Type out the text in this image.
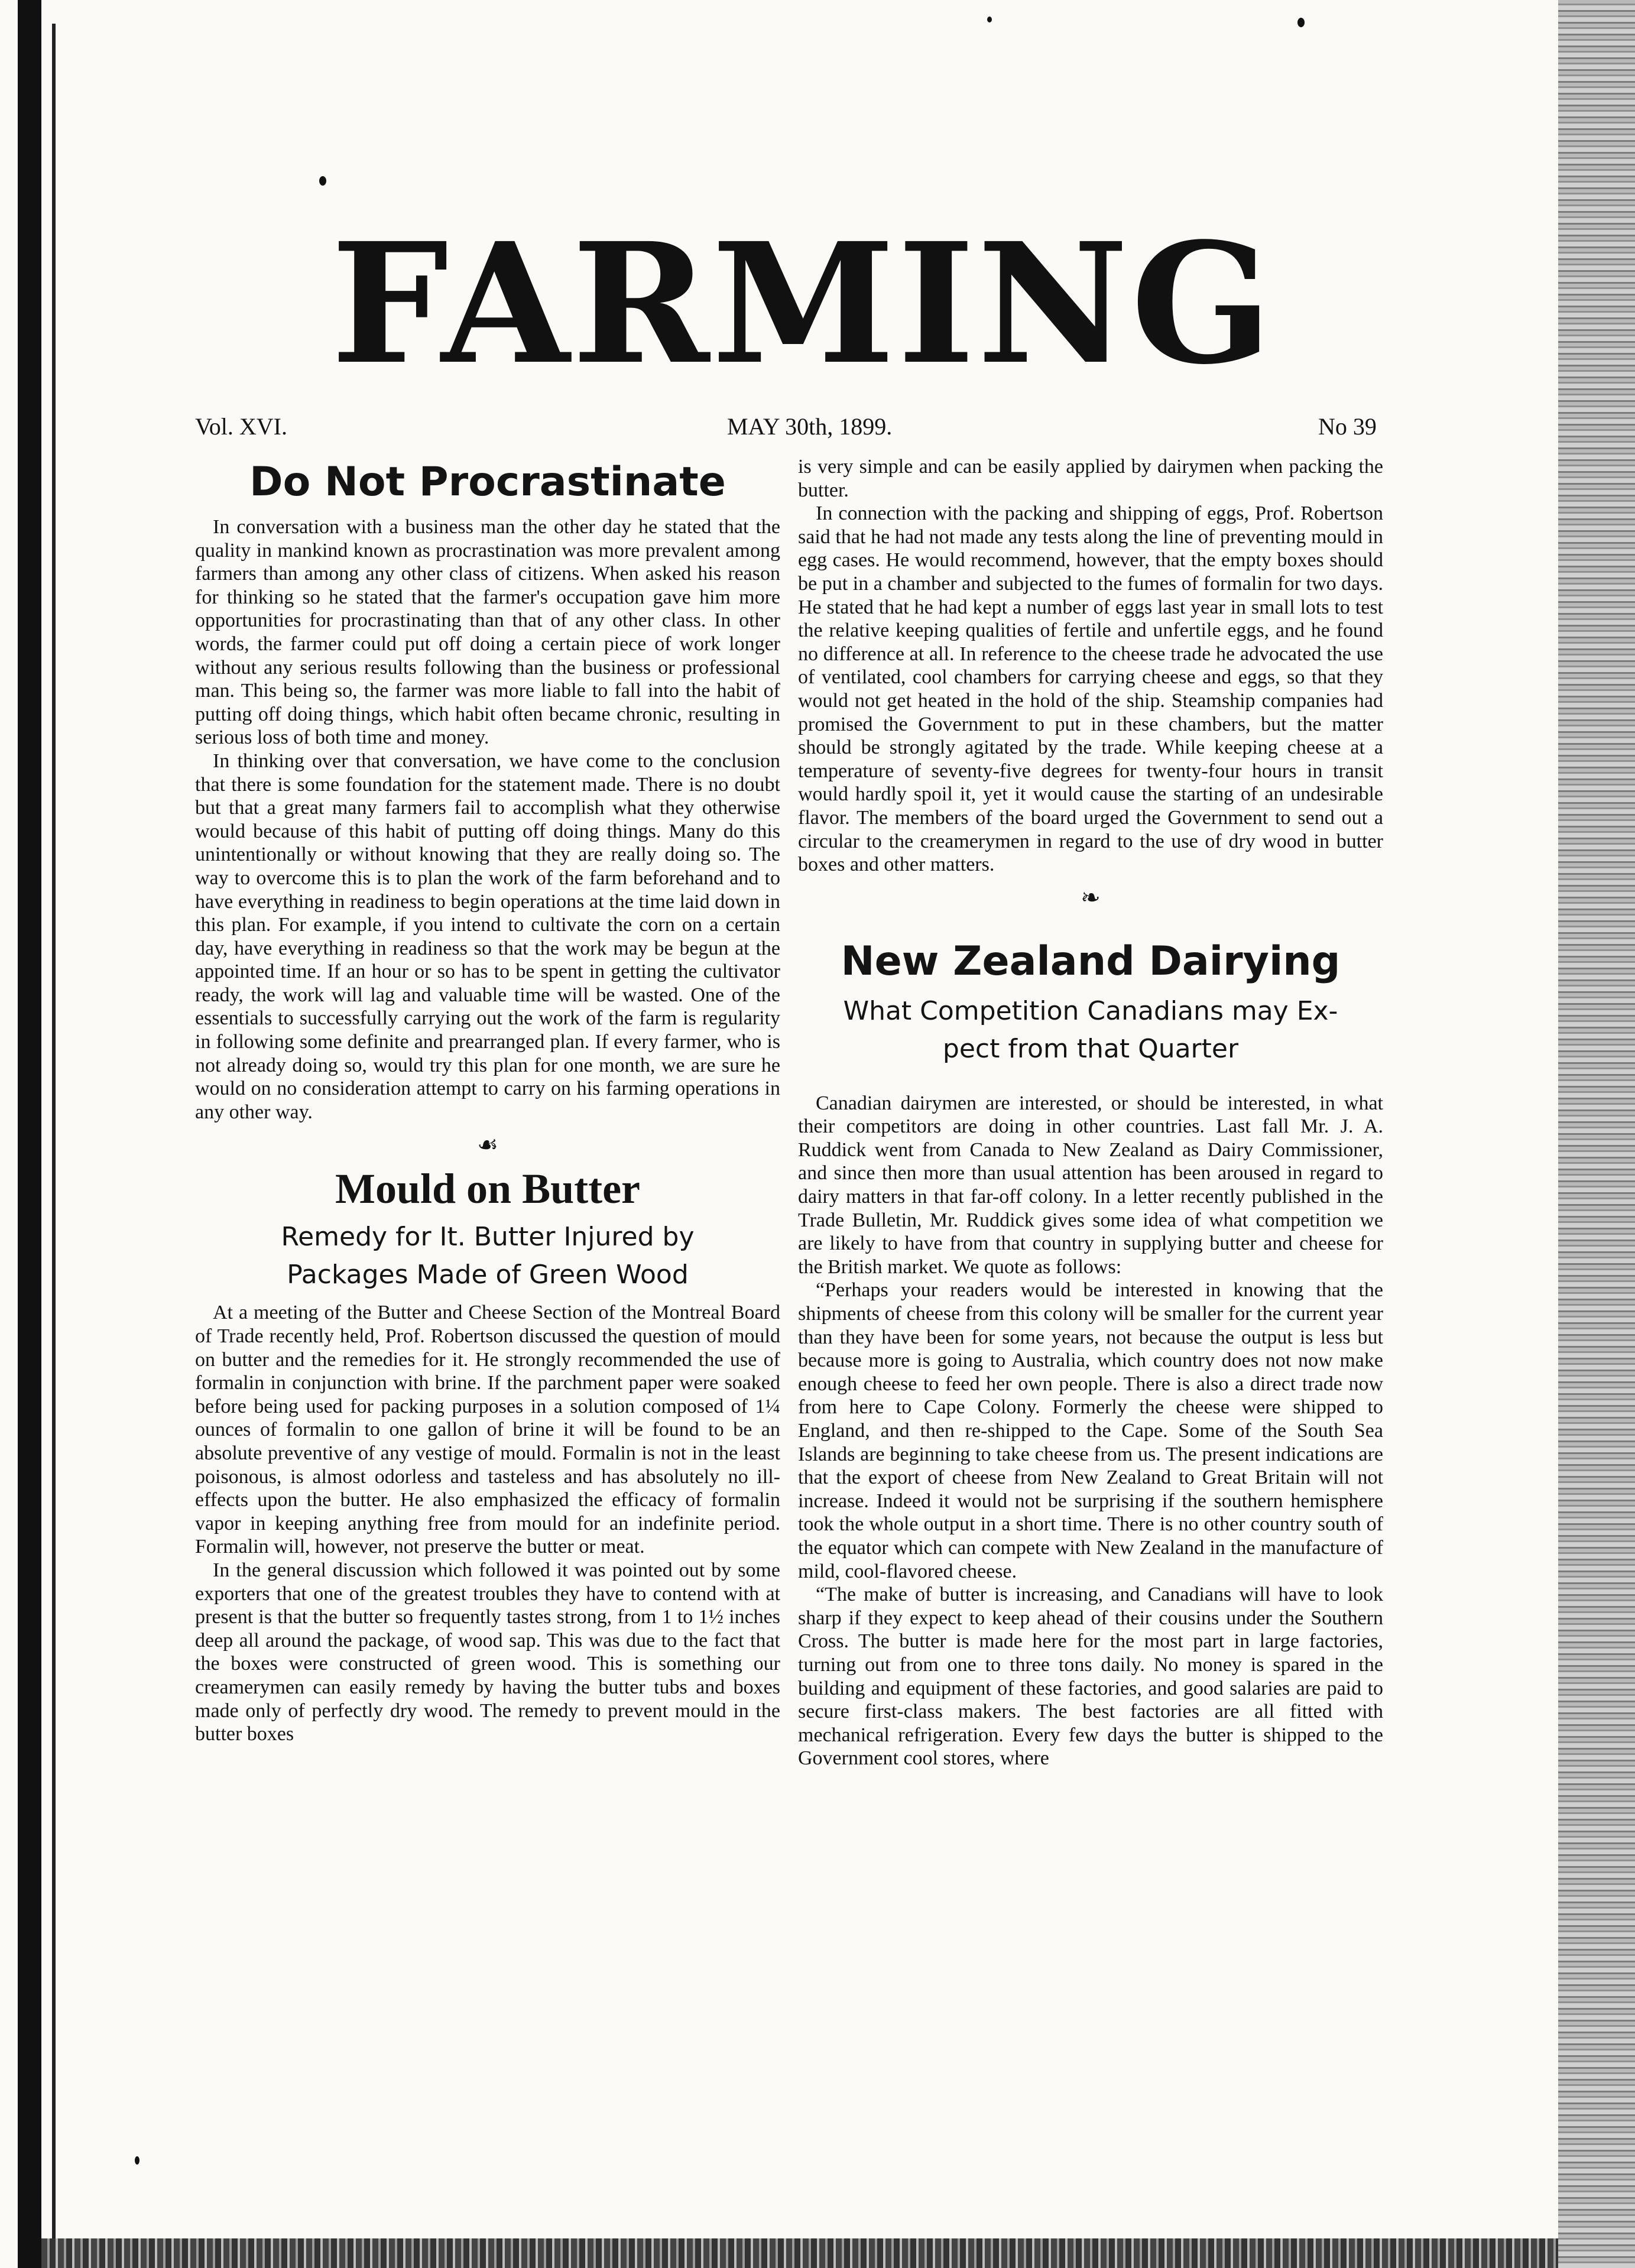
FARMING
Vol. XVI.	MAY 30th, 1899.	No 39
Do Not Procrastinate

In conversation with a business man the other day he stated that the quality in mankind known as procrastination was more prevalent among farmers than among any other class of citizens. When asked his reason for thinking so he stated that the farmer's occupation gave him more opportunities for procrastinating than that of any other class. In other words, the farmer could put off doing a certain piece of work longer without any serious results following than the business or professional man. This being so, the farmer was more liable to fall into the habit of putting off doing things, which habit often became chronic, resulting in serious loss of both time and money.

In thinking over that conversation, we have come to the conclusion that there is some foundation for the statement made. There is no doubt but that a great many farmers fail to accomplish what they otherwise would because of this habit of putting off doing things. Many do this unintentionally or without knowing that they are really doing so. The way to overcome this is to plan the work of the farm beforehand and to have everything in readiness to begin operations at the time laid down in this plan. For example, if you intend to cultivate the corn on a certain day, have everything in readiness so that the work may be begun at the appointed time. If an hour or so has to be spent in getting the cultivator ready, the work will lag and valuable time will be wasted. One of the essentials to successfully carrying out the work of the farm is regularity in following some definite and prearranged plan. If every farmer, who is not already doing so, would try this plan for one month, we are sure he would on no consideration attempt to carry on his farming operations in any other way.

☙
Mould on Butter
Remedy for It. Butter Injured by
Packages Made of Green Wood

At a meeting of the Butter and Cheese Section of the Montreal Board of Trade recently held, Prof. Robertson discussed the question of mould on butter and the remedies for it. He strongly recommended the use of formalin in conjunction with brine. If the parchment paper were soaked before being used for packing purposes in a solution composed of 1¼ ounces of formalin to one gallon of brine it will be found to be an absolute preventive of any vestige of mould. Formalin is not in the least poisonous, is almost odorless and tasteless and has absolutely no ill-effects upon the butter. He also emphasized the efficacy of formalin vapor in keeping anything free from mould for an indefinite period. Formalin will, however, not preserve the butter or meat.

In the general discussion which followed it was pointed out by some exporters that one of the greatest troubles they have to contend with at present is that the butter so frequently tastes strong, from 1 to 1½ inches deep all around the package, of wood sap. This was due to the fact that the boxes were constructed of green wood. This is something our creamerymen can easily remedy by having the butter tubs and boxes made only of perfectly dry wood. The remedy to prevent mould in the butter boxes

is very simple and can be easily applied by dairymen when packing the butter.

In connection with the packing and shipping of eggs, Prof. Robertson said that he had not made any tests along the line of preventing mould in egg cases. He would recommend, however, that the empty boxes should be put in a chamber and subjected to the fumes of formalin for two days. He stated that he had kept a number of eggs last year in small lots to test the relative keeping qualities of fertile and unfertile eggs, and he found no difference at all. In reference to the cheese trade he advocated the use of ventilated, cool chambers for carrying cheese and eggs, so that they would not get heated in the hold of the ship. Steamship companies had promised the Government to put in these chambers, but the matter should be strongly agitated by the trade. While keeping cheese at a temperature of seventy-five degrees for twenty-four hours in transit would hardly spoil it, yet it would cause the starting of an undesirable flavor. The members of the board urged the Government to send out a circular to the creamerymen in regard to the use of dry wood in butter boxes and other matters.

❧
New Zealand Dairying
What Competition Canadians may Ex-
pect from that Quarter

Canadian dairymen are interested, or should be interested, in what their competitors are doing in other countries. Last fall Mr. J. A. Ruddick went from Canada to New Zealand as Dairy Commissioner, and since then more than usual attention has been aroused in regard to dairy matters in that far-off colony. In a letter recently published in the Trade Bulletin, Mr. Ruddick gives some idea of what competition we are likely to have from that country in supplying butter and cheese for the British market. We quote as follows:

“Perhaps your readers would be interested in knowing that the shipments of cheese from this colony will be smaller for the current year than they have been for some years, not because the output is less but because more is going to Australia, which country does not now make enough cheese to feed her own people. There is also a direct trade now from here to Cape Colony. Formerly the cheese were shipped to England, and then re-shipped to the Cape. Some of the South Sea Islands are beginning to take cheese from us. The present indications are that the export of cheese from New Zealand to Great Britain will not increase. Indeed it would not be surprising if the southern hemisphere took the whole output in a short time. There is no other country south of the equator which can compete with New Zealand in the manufacture of mild, cool-flavored cheese.

“The make of butter is increasing, and Canadians will have to look sharp if they expect to keep ahead of their cousins under the Southern Cross. The butter is made here for the most part in large factories, turning out from one to three tons daily. No money is spared in the building and equipment of these factories, and good salaries are paid to secure first-class makers. The best factories are all fitted with mechanical refrigeration. Every few days the butter is shipped to the Government cool stores, where
